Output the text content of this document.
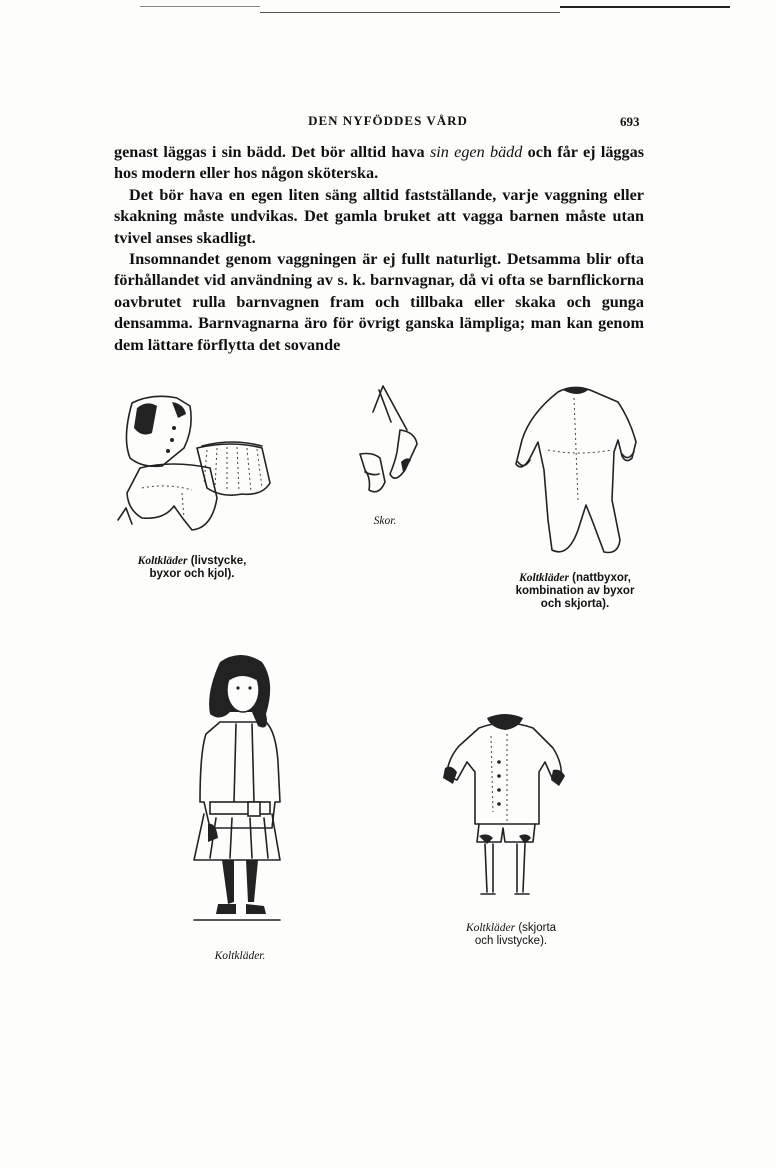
DEN NYFÖDDES VÅRD	693

genast läggas i sin bädd. Det bör alltid hava sin egen bädd och får ej läggas hos modern eller hos någon sköterska.

Det bör hava en egen liten säng alltid fastställande, varje vaggning eller skakning måste undvikas. Det gamla bruket att vagga barnen måste utan tvivel anses skadligt.

Insomnandet genom vaggningen är ej fullt naturligt. Detsamma blir ofta förhållandet vid användning av s. k. barnvagnar, då vi ofta se barnflickorna oavbrutet rulla barnvagnen fram och tillbaka eller skaka och gunga densamma. Barnvagnarna äro för övrigt ganska lämpliga; man kan genom dem lättare förflytta det sovande

Koltkläder (livstycke,
byxor och kjol).
Skor.
Koltkläder (nattbyxor,
kombination av byxor
och skjorta).
Koltkläder.
Koltkläder (skjorta
och livstycke).
